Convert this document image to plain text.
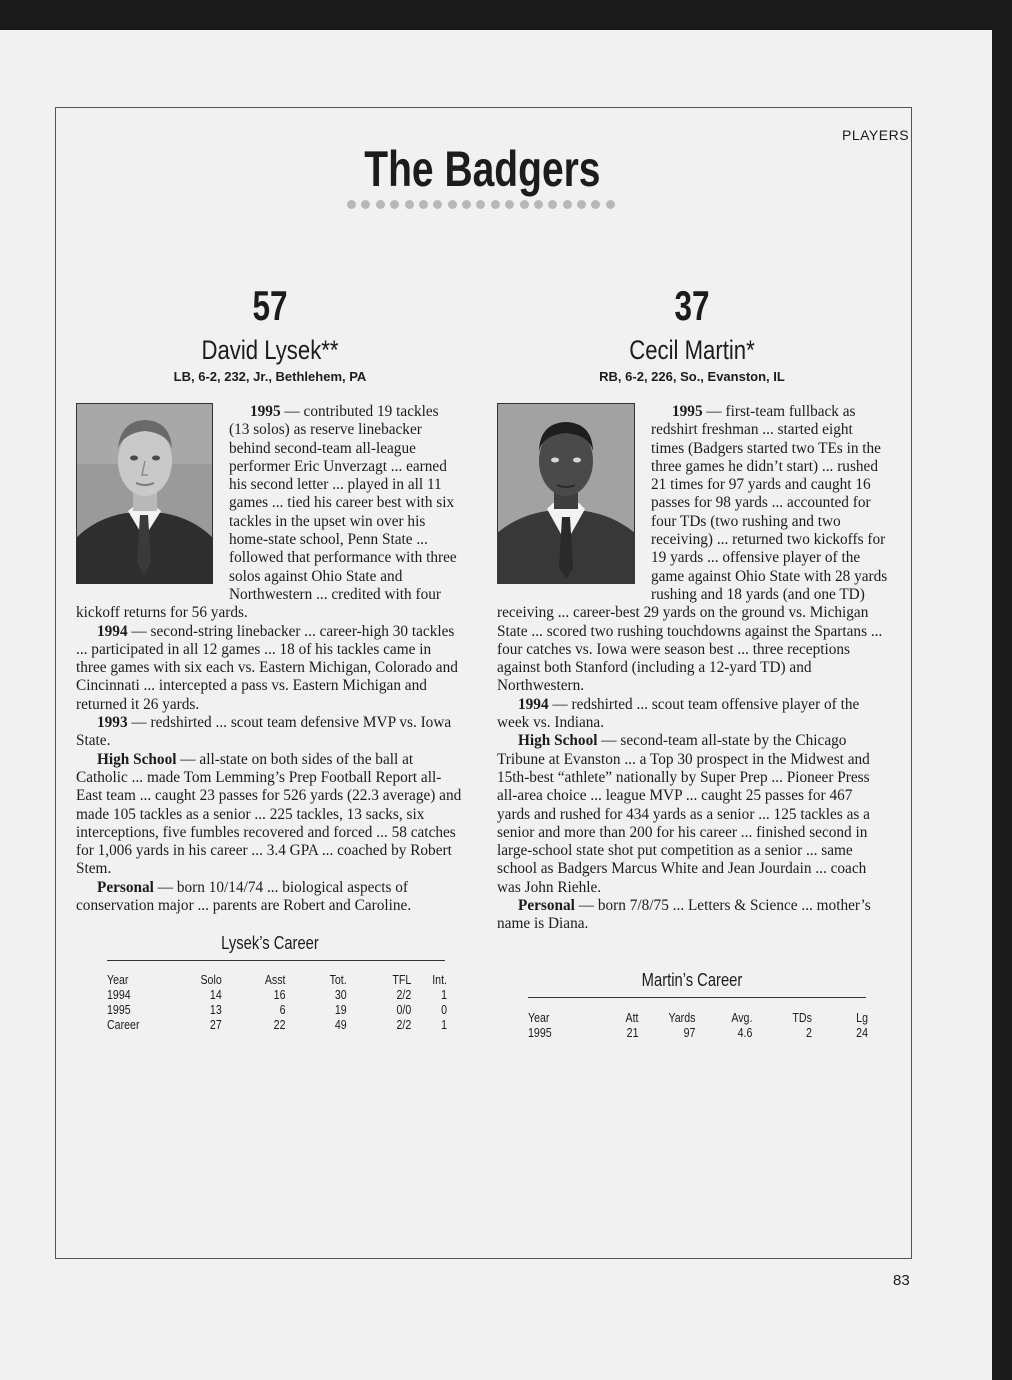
PLAYERS
The Badgers
57
David Lysek**
LB, 6-2, 232, Jr., Bethlehem, PA

1995 — contributed 19 tackles (13 solos) as reserve linebacker behind second-team all-league performer Eric Unverzagt ... earned his second letter ... played in all 11 games ... tied his career best with six tackles in the upset win over his home-state school, Penn State ... followed that performance with three solos against Ohio State and Northwestern ... credited with four kickoff returns for 56 yards.

1994 — second-string linebacker ... career-high 30 tackles ... participated in all 12 games ... 18 of his tackles came in three games with six each vs. Eastern Michigan, Colorado and Cincinnati ... intercepted a pass vs. Eastern Michigan and returned it 26 yards.

1993 — redshirted ... scout team defensive MVP vs. Iowa State.

High School — all-state on both sides of the ball at Catholic ... made Tom Lemming’s Prep Football Report all-East team ... caught 23 passes for 526 yards (22.3 average) and made 105 tackles as a senior ... 225 tackles, 13 sacks, six interceptions, five fumbles recovered and forced ... 58 catches for 1,006 yards in his career ... 3.4 GPA ... coached by Robert Stem.

Personal — born 10/14/74 ... biological aspects of conservation major ... parents are Robert and Caroline.

Lysek’s Career
Year	Solo	Asst	Tot.	TFL	Int.
1994	14	16	30	2/2	1
1995	13	6	19	0/0	0
Career	27	22	49	2/2	1
37
Cecil Martin*
RB, 6-2, 226, So., Evanston, IL

1995 — first-team fullback as redshirt freshman ... started eight times (Badgers started two TEs in the three games he didn’t start) ... rushed 21 times for 97 yards and caught 16 passes for 98 yards ... accounted for four TDs (two rushing and two receiving) ... returned two kickoffs for 19 yards ... offensive player of the game against Ohio State with 28 yards rushing and 18 yards (and one TD) receiving ... career-best 29 yards on the ground vs. Michigan State ... scored two rushing touchdowns against the Spartans ... four catches vs. Iowa were season best ... three receptions against both Stanford (including a 12-yard TD) and Northwestern.

1994 — redshirted ... scout team offensive player of the week vs. Indiana.

High School — second-team all-state by the Chicago Tribune at Evanston ... a Top 30 prospect in the Midwest and 15th-best “athlete” nationally by Super Prep ... Pioneer Press all-area choice ... league MVP ... caught 25 passes for 467 yards and rushed for 434 yards as a senior ... 125 tackles as a senior and more than 200 for his career ... finished second in large-school state shot put competition as a senior ... same school as Badgers Marcus White and Jean Jourdain ... coach was John Riehle.

Personal — born 7/8/75 ... Letters & Science ... mother’s name is Diana.

Martin’s Career
Year	Att	Yards	Avg.	TDs	Lg
1995	21	97	4.6	2	24
83
